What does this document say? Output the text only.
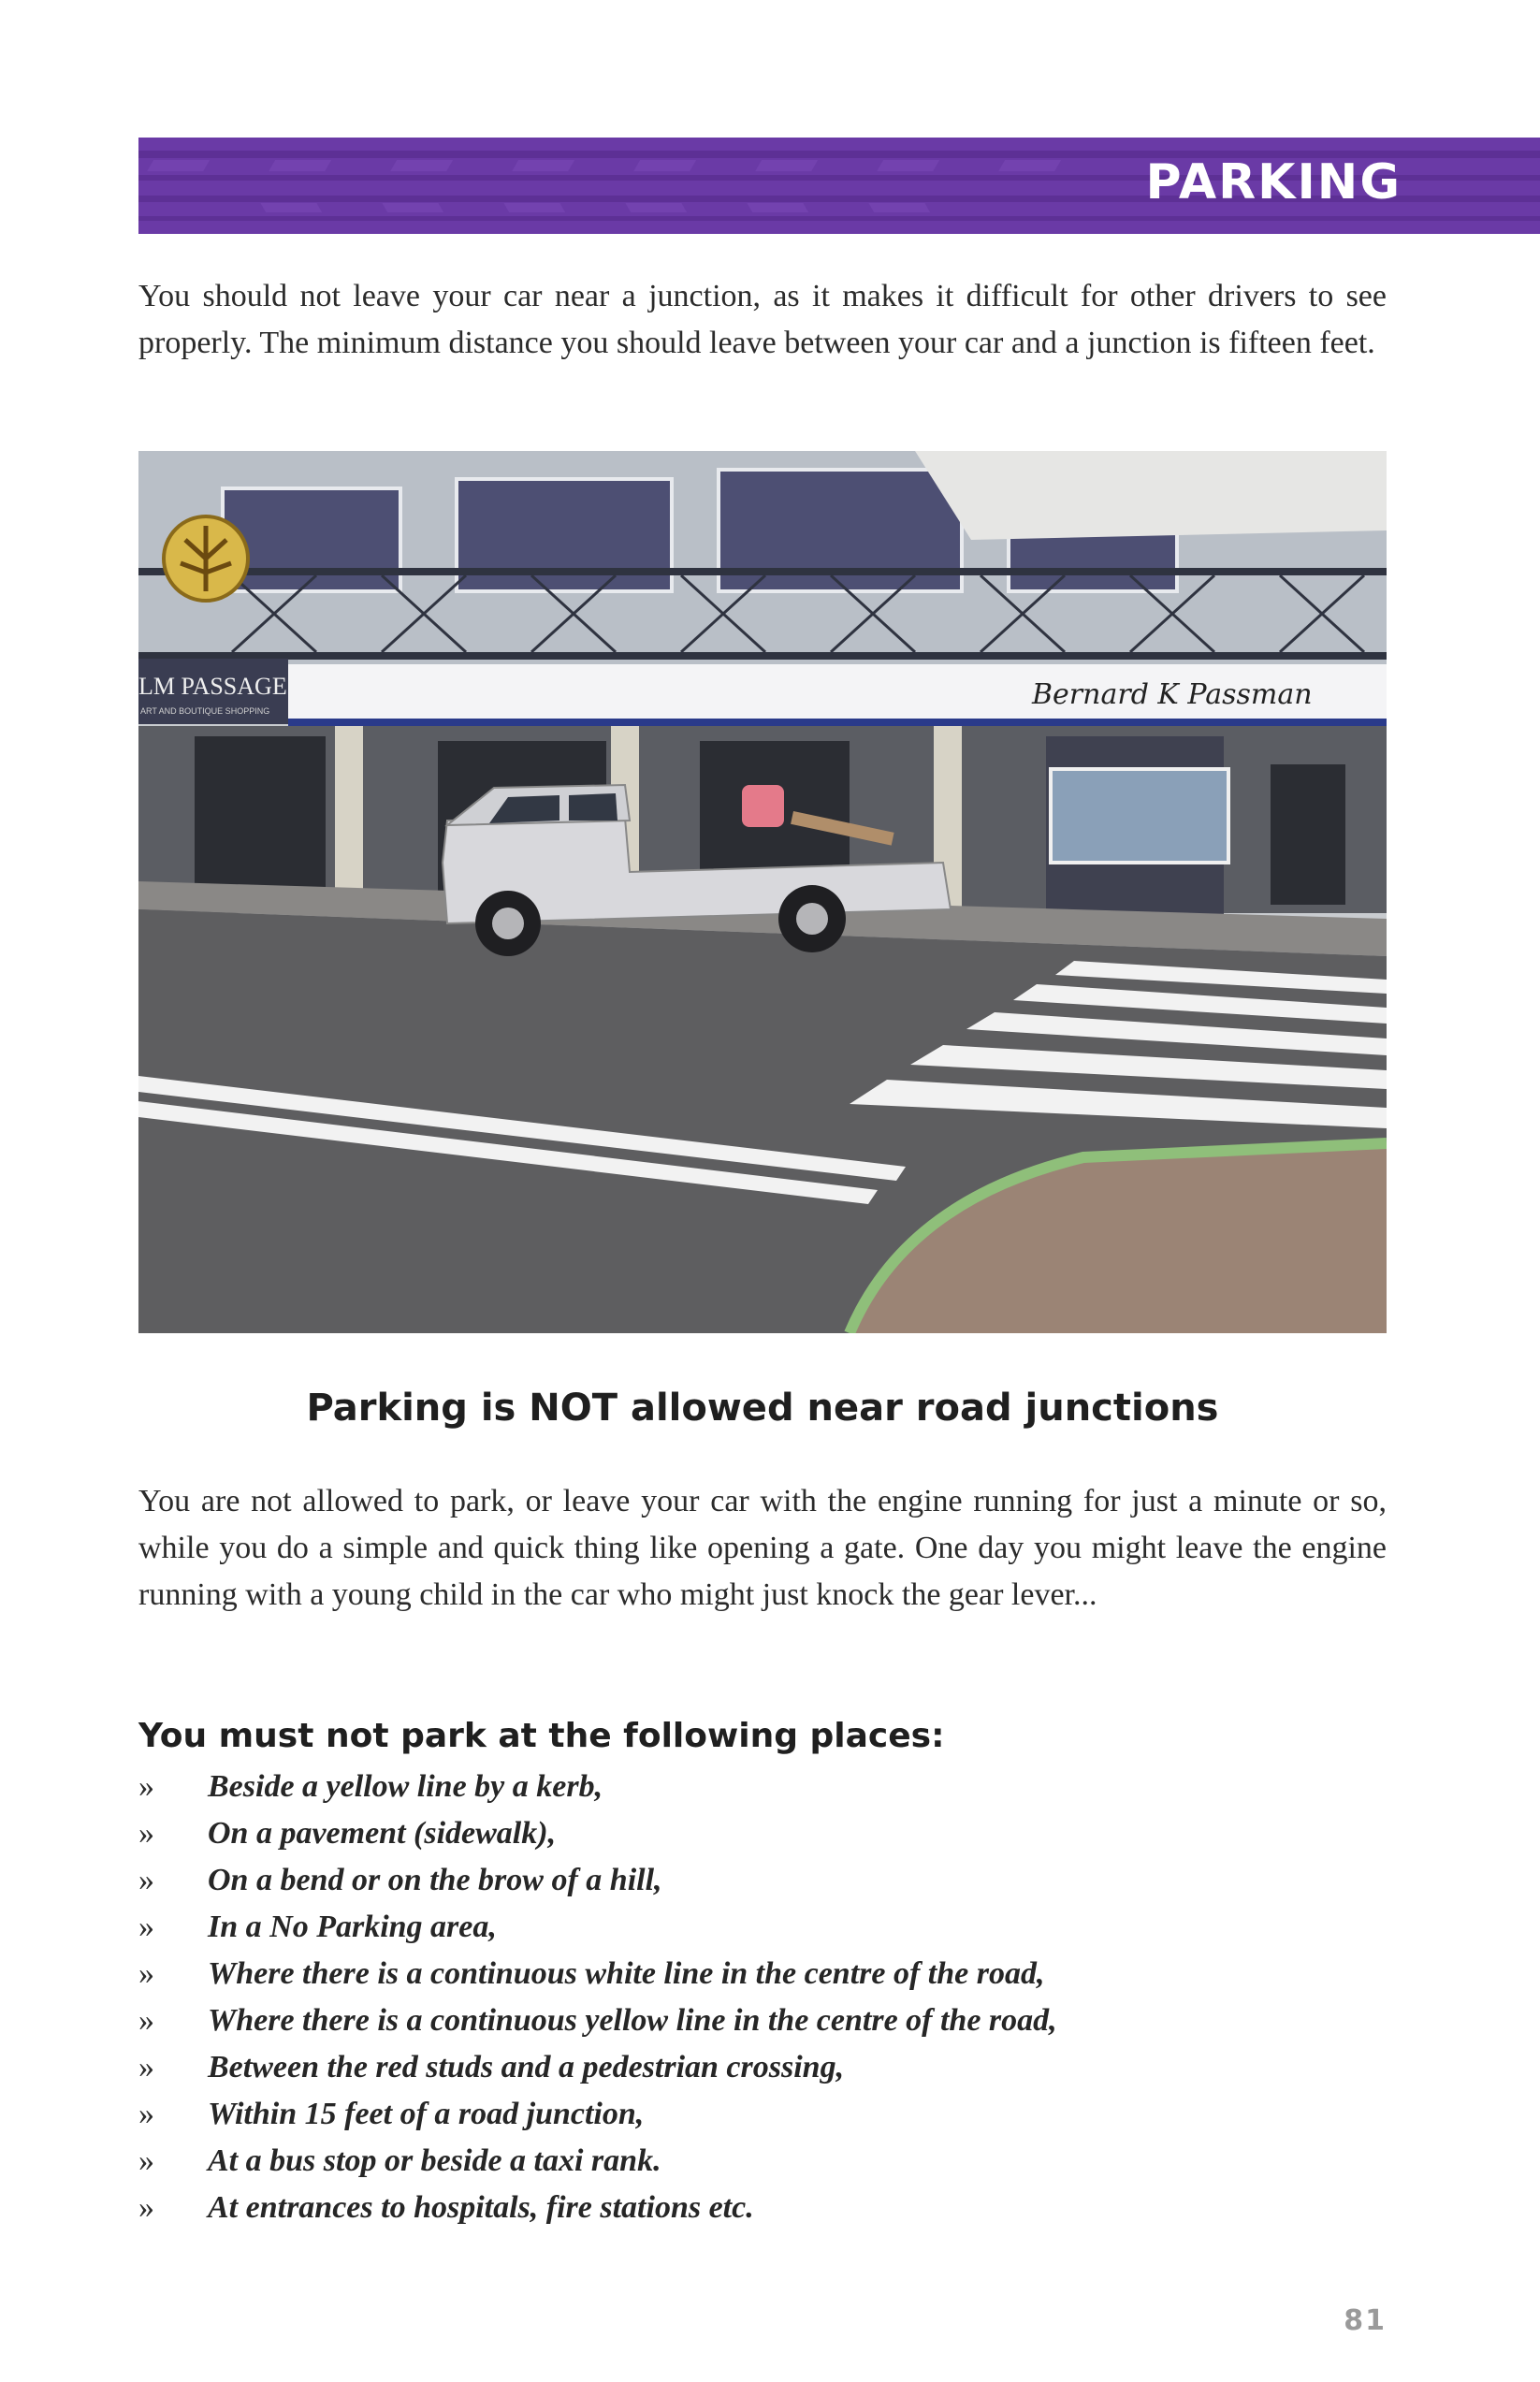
PARKING

You should not leave your car near a junction, as it makes it difficult for other drivers to see properly. The minimum distance you should leave between your car and a junction is fifteen feet.

LM PASSAGE
ART AND BOUTIQUE SHOPPING	Bernard K Passman
Parking is NOT allowed near road junctions

You are not allowed to park, or leave your car with the engine running for just a minute or so, while you do a simple and quick thing like opening a gate. One day you might leave the engine running with a young child in the car who might just knock the gear lever...

You must not park at the following places:
»	Beside a yellow line by a kerb,
»	On a pavement (sidewalk),
»	On a bend or on the brow of a hill,
»	In a No Parking area,
»	Where there is a continuous white line in the centre of the road,
»	Where there is a continuous yellow line in the centre of the road,
»	Between the red studs and a pedestrian crossing,
»	Within 15 feet of a road junction,
»	At a bus stop or beside a taxi rank.
»	At entrances to hospitals, fire stations etc.
81
